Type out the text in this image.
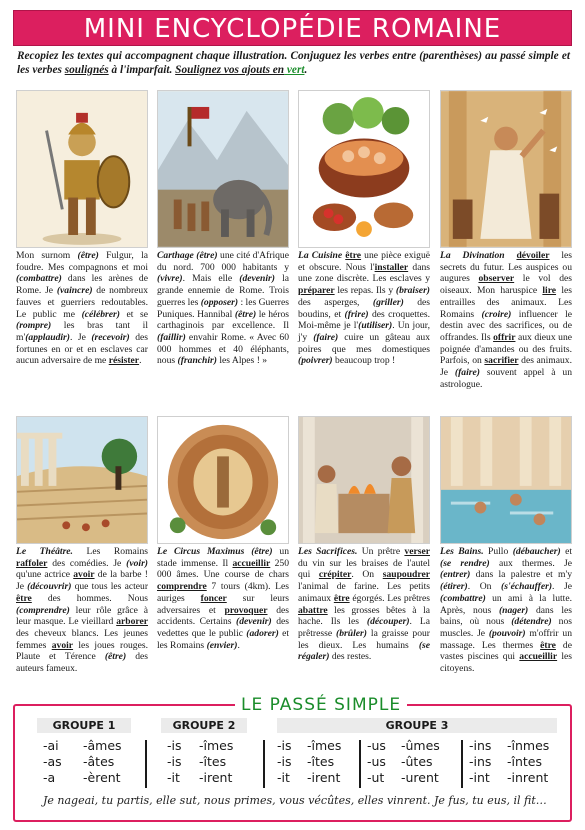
MINI ENCYCLOPÉDIE ROMAINE
Recopiez les textes qui accompagnent chaque illustration. Conjuguez les verbes entre (parenthèses) au passé simple et les verbes soulignés à l'imparfait. Soulignez vos ajouts en vert.
Mon surnom (être) Fulgur, la foudre. Mes compagnons et moi (combattre) dans les arènes de Rome. Je (vaincre) de nombreux fauves et guerriers redoutables. Le public me (célébrer) et se (rompre) les bras tant il m'(applaudir). Je (recevoir) des fortunes en or et en esclaves car aucun adversaire de me résister.
Carthage (être) une cité d'Afrique du nord. 700 000 habitants y (vivre). Mais elle (devenir) la grande ennemie de Rome. Trois guerres les (opposer) : les Guerres Puniques. Hannibal (être) le héros carthaginois par excellence. Il (faillir) envahir Rome. « Avec 60 000 hommes et 40 éléphants, nous (franchir) les Alpes ! »
La Cuisine être une pièce exiguë et obscure. Nous l'installer dans une zone discrète. Les esclaves y préparer les repas. Ils y (braiser) des asperges, (griller) des boudins, et (frire) des croquettes. Moi-même je l'(utiliser). Un jour, j'y (faire) cuire un gâteau aux poires que mes domestiques (poivrer) beaucoup trop !
La Divination dévoiler les secrets du futur. Les auspices ou augures observer le vol des oiseaux. Mon haruspice lire les entrailles des animaux. Les Romains (croire) influencer le destin avec des sacrifices, ou de offrandes. Ils offrir aux dieux une poignée d'amandes ou des fruits. Parfois, on sacrifier des animaux. Je (faire) souvent appel à un astrologue.
Le Théâtre. Les Romains raffoler des comédies. Je (voir) qu'une actrice avoir de la barbe ! Je (découvrir) que tous les acteur être des hommes. Nous (comprendre) leur rôle grâce à leur masque. Le vieillard arborer des cheveux blancs. Les jeunes femmes avoir les joues rouges. Plaute et Térence (être) des auteurs fameux.
Le Circus Maximus (être) un stade immense. Il accueillir 250 000 âmes. Une course de chars comprendre 7 tours (4km). Les auriges foncer sur leurs adversaires et provoquer des accidents. Certains (devenir) des vedettes que le public (adorer) et les Romains (envier).
Les Sacrifices. Un prêtre verser du vin sur les braises de l'autel qui crépiter. On saupoudrer l'animal de farine. Les petits animaux être égorgés. Les prêtres abattre les grosses bêtes à la hache. Ils les (découper). La prêtresse (brûler) la graisse pour les dieux. Les humains (se régaler) des restes.
Les Bains. Pullo (débaucher) et (se rendre) aux thermes. Je (entrer) dans la palestre et m'y (étirer). On (s'échauffer). Je (combattre) un ami à la lutte. Après, nous (nager) dans les bains, où nous (détendre) nos muscles. Je (pouvoir) m'offrir un massage. Les thermes être de vastes piscines qui accueillir les citoyens.
LE PASSÉ SIMPLE
GROUPE 1	GROUPE 2	GROUPE 3
-ai
-as
-a
-âmes
-âtes
-èrent
-is
-is
-it
-îmes
-îtes
-irent
-is
-is
-it
-îmes
-îtes
-irent
-us
-us
-ut
-ûmes
-ûtes
-urent
-ins
-ins
-int
-înmes
-întes
-inrent
Je nageai, tu partis, elle sut, nous primes, vous vécûtes, elles vinrent. Je fus, tu eus, il fit…
